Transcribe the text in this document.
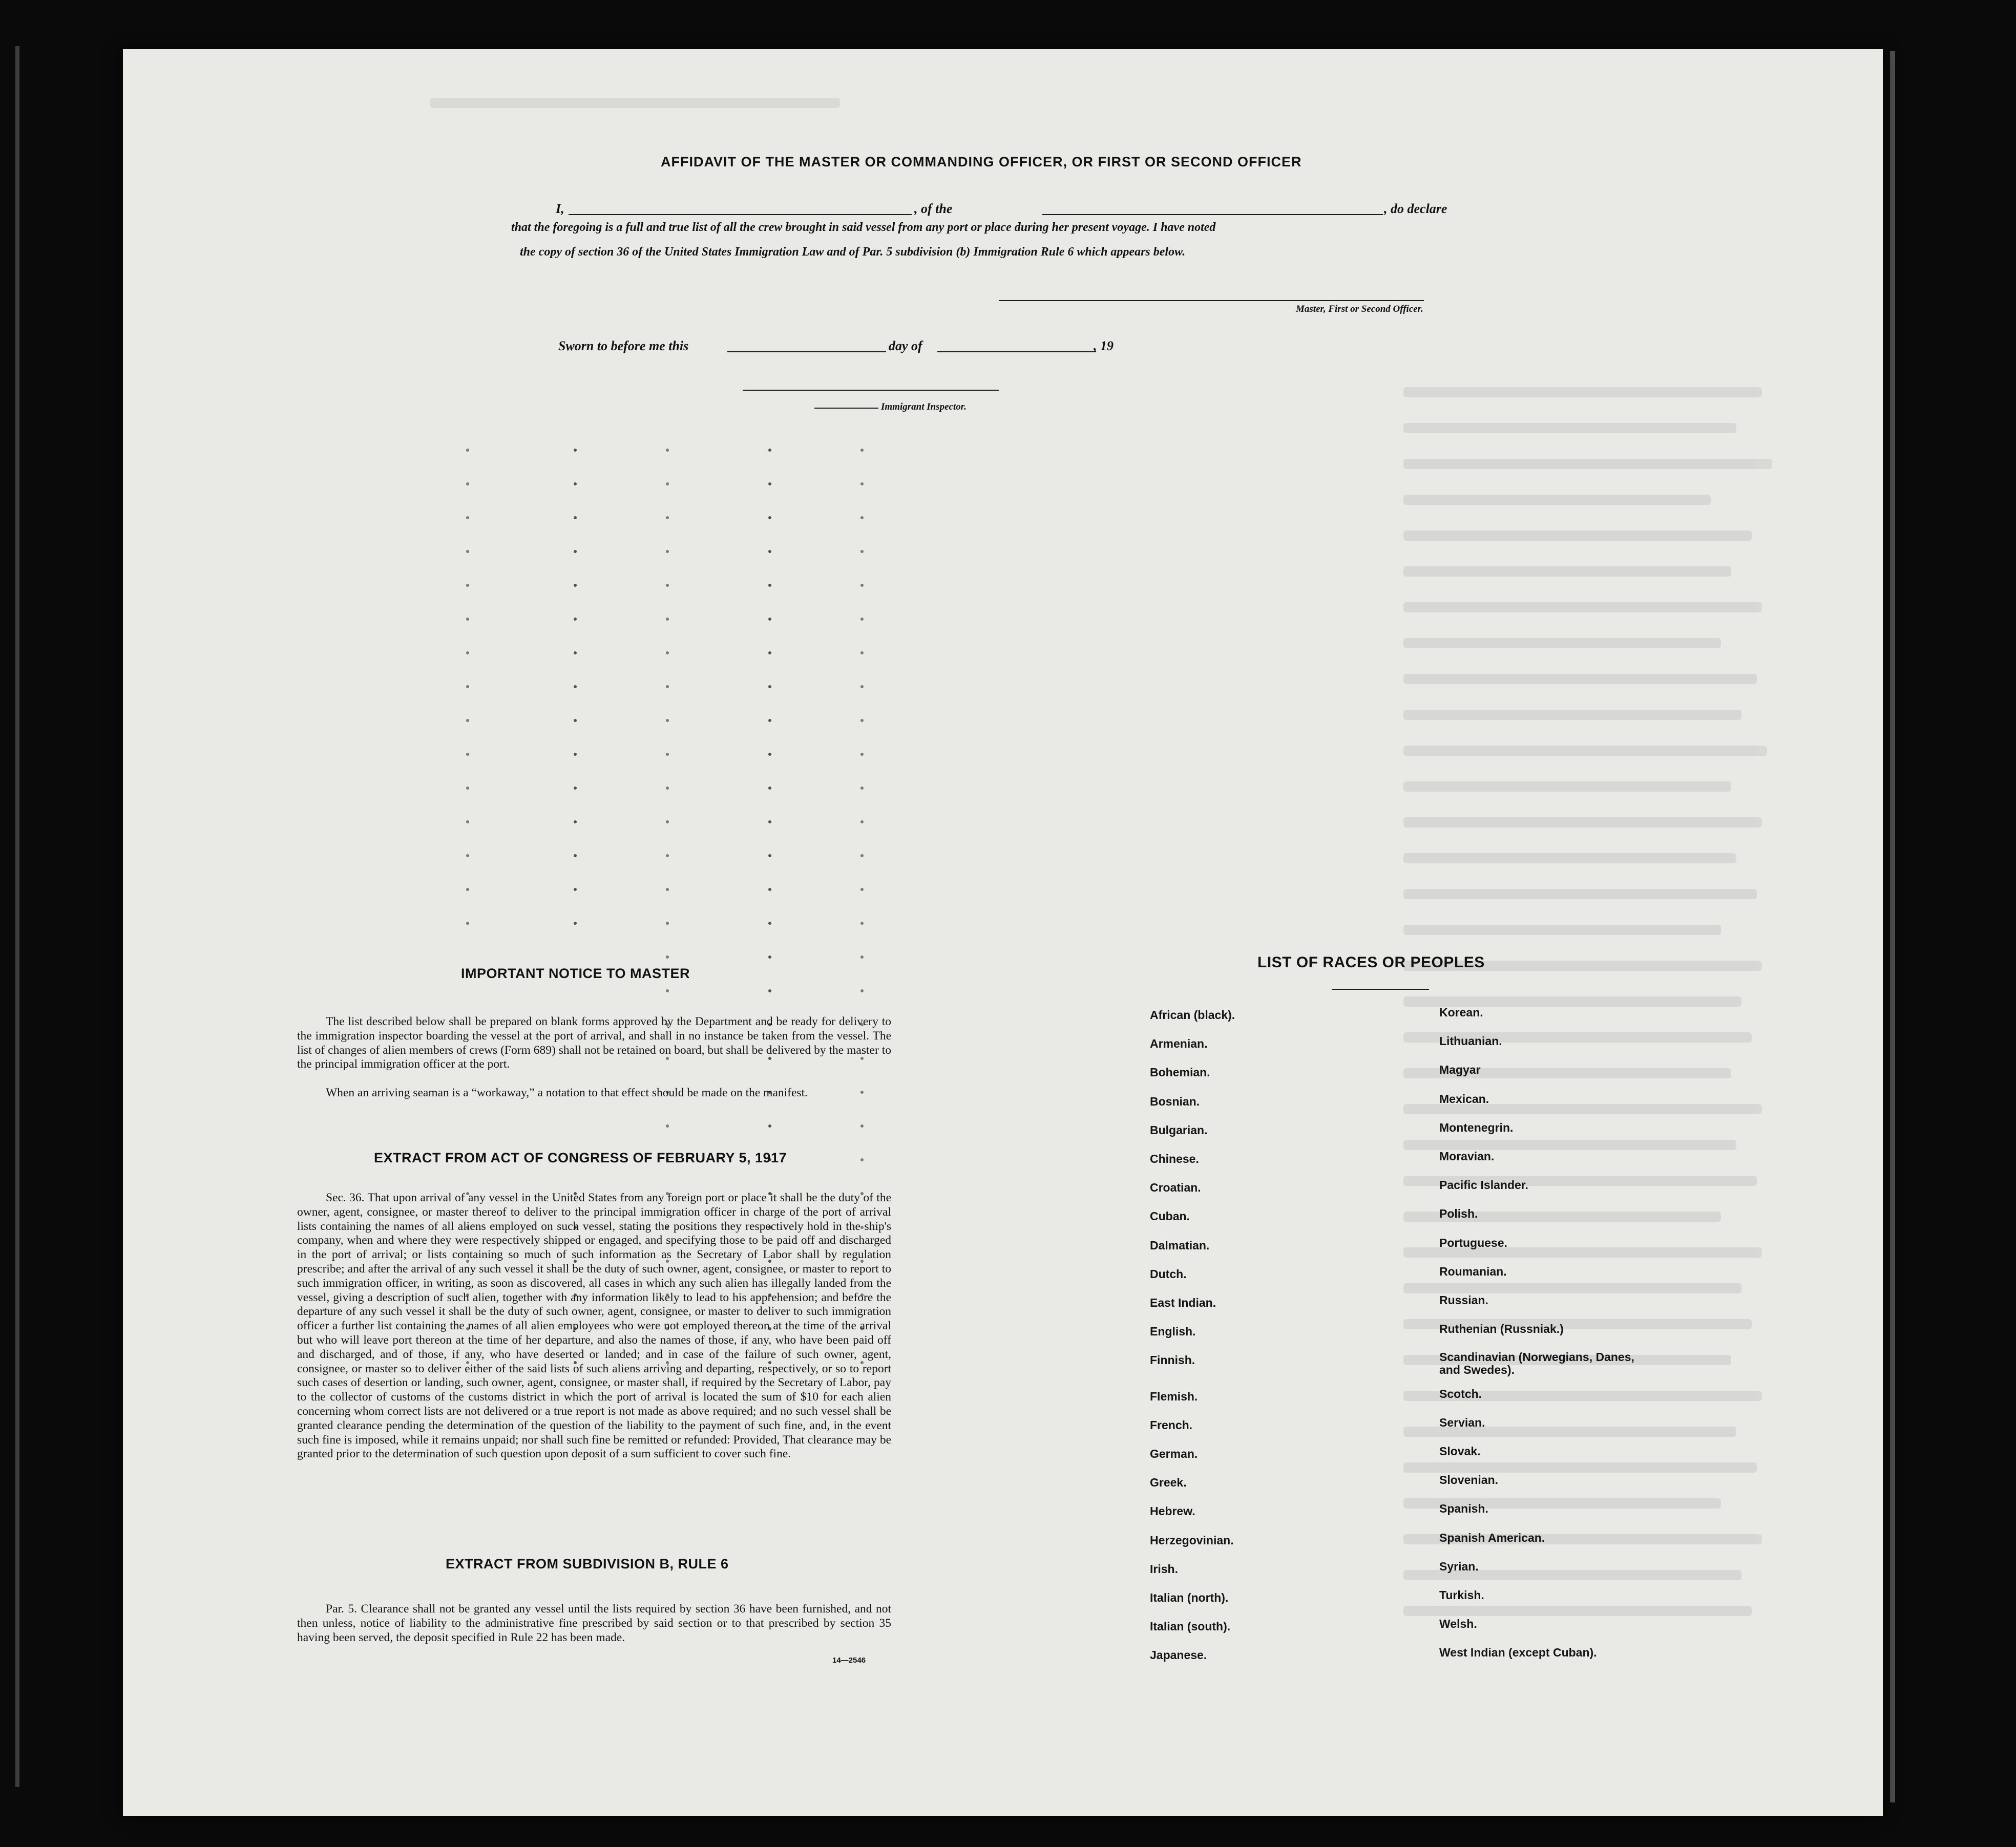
AFFIDAVIT OF THE MASTER OR COMMANDING OFFICER, OR FIRST OR SECOND OFFICER
I,	, of the	, do declare
that the foregoing is a full and true list of all the crew brought in said vessel from any port or place during her present voyage. I have noted
the copy of section 36 of the United States Immigration Law and of Par. 5 subdivision (b) Immigration Rule 6 which appears below.
Master, First or Second Officer.
Sworn to before me this	day of	, 19
Immigrant Inspector.
IMPORTANT NOTICE TO MASTER
The list described below shall be prepared on blank forms approved by the Department and be ready for delivery to the immigration inspector boarding the vessel at the port of arrival, and shall in no instance be taken from the vessel. The list of changes of alien members of crews (Form 689) shall not be retained on board, but shall be delivered by the master to the principal immigration officer at the port.
When an arriving seaman is a “workaway,” a notation to that effect should be made on the manifest.
EXTRACT FROM ACT OF CONGRESS OF FEBRUARY 5, 1917
Sec. 36. That upon arrival of any vessel in the United States from any foreign port or place it shall be the duty of the owner, agent, consignee, or master thereof to deliver to the principal immigration officer in charge of the port of arrival lists containing the names of all aliens employed on such vessel, stating the positions they respectively hold in the ship's company, when and where they were respectively shipped or engaged, and specifying those to be paid off and discharged in the port of arrival; or lists containing so much of such information as the Secretary of Labor shall by regulation prescribe; and after the arrival of any such vessel it shall be the duty of such owner, agent, consignee, or master to report to such immigration officer, in writing, as soon as discovered, all cases in which any such alien has illegally landed from the vessel, giving a description of such alien, together with any information likely to lead to his apprehension; and before the departure of any such vessel it shall be the duty of such owner, agent, consignee, or master to deliver to such immigration officer a further list containing the names of all alien employees who were not employed thereon at the time of the arrival but who will leave port thereon at the time of her departure, and also the names of those, if any, who have been paid off and discharged, and of those, if any, who have deserted or landed; and in case of the failure of such owner, agent, consignee, or master so to deliver either of the said lists of such aliens arriving and departing, respectively, or so to report such cases of desertion or landing, such owner, agent, consignee, or master shall, if required by the Secretary of Labor, pay to the collector of customs of the customs district in which the port of arrival is located the sum of $10 for each alien concerning whom correct lists are not delivered or a true report is not made as above required; and no such vessel shall be granted clearance pending the determination of the question of the liability to the payment of such fine, and, in the event such fine is imposed, while it remains unpaid; nor shall such fine be remitted or refunded: Provided, That clearance may be granted prior to the determination of such question upon deposit of a sum sufficient to cover such fine.
EXTRACT FROM SUBDIVISION B, RULE 6
Par. 5. Clearance shall not be granted any vessel until the lists required by section 36 have been furnished, and not then unless, notice of liability to the administrative fine prescribed by said section or to that prescribed by section 35 having been served, the deposit specified in Rule 22 has been made.
14—2546
LIST OF RACES OR PEOPLES
African (black).
Armenian.
Bohemian.
Bosnian.
Bulgarian.
Chinese.
Croatian.
Cuban.
Dalmatian.
Dutch.
East Indian.
English.
Finnish.
Flemish.
French.
German.
Greek.
Hebrew.
Herzegovinian.
Irish.
Italian (north).
Italian (south).
Japanese.
Korean.
Lithuanian.
Magyar
Mexican.
Montenegrin.
Moravian.
Pacific Islander.
Polish.
Portuguese.
Roumanian.
Russian.
Ruthenian (Russniak.)
Scandinavian (Norwegians, Danes, and Swedes).
Scotch.
Servian.
Slovak.
Slovenian.
Spanish.
Spanish American.
Syrian.
Turkish.
Welsh.
West Indian (except Cuban).
